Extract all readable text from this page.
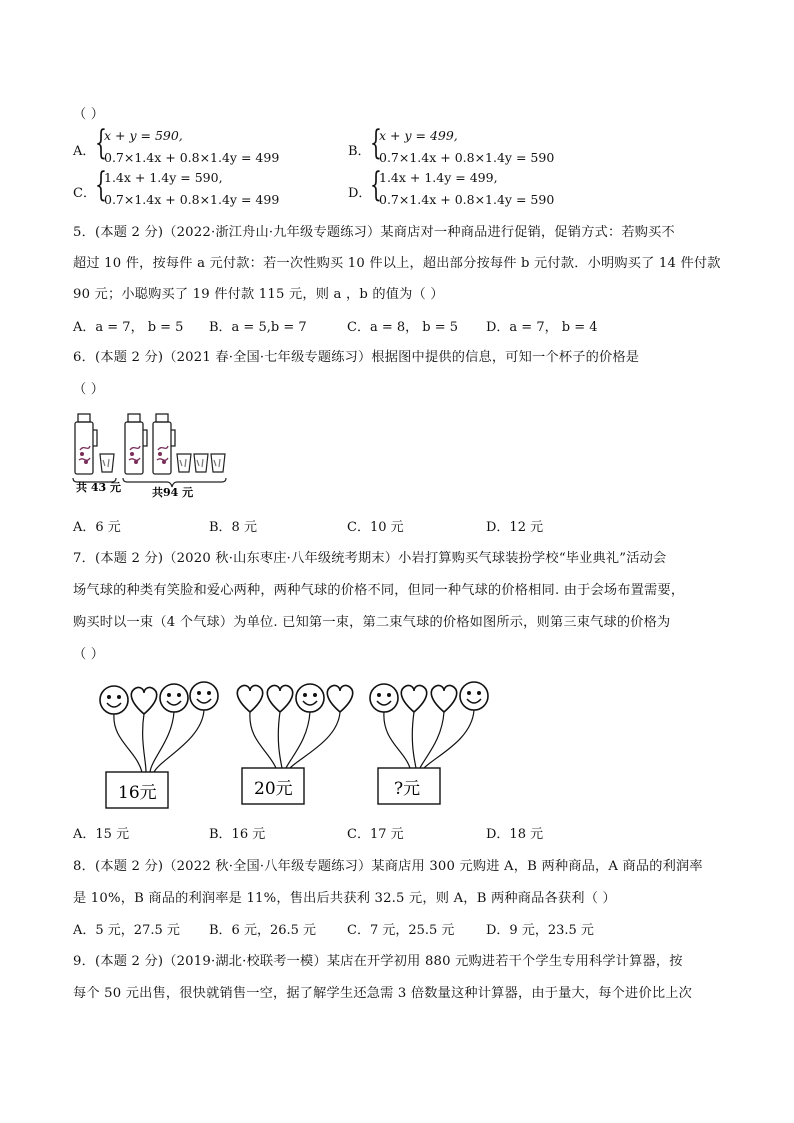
（ ）
A． {
x + y = 590,
0.7×1.4x + 0.8×1.4y = 499	B． {
x + y = 499,
0.7×1.4x + 0.8×1.4y = 590
C． {
1.4x + 1.4y = 590,
0.7×1.4x + 0.8×1.4y = 499	D．
{
1.4x + 1.4y = 499,
0.7×1.4x + 0.8×1.4y = 590
5．(本题 2 分)（2022·浙江舟山·九年级专题练习）某商店对一种商品进行促销，促销方式：若购买不
超过 10 件，按每件 a 元付款：若一次性购买 10 件以上，超出部分按每件 b 元付款．小明购买了 14 件付款
90 元；小聪购买了 19 件付款 115 元，则 a ，b 的值为（ ）
A．a = 7， b = 5 B．a = 5,b = 7	C．a = 8， b = 5 D．a = 7， b = 4
6．(本题 2 分)（2021 春·全国·七年级专题练习）根据图中提供的信息，可知一个杯子的价格是
（ ）
共 43 元	共94 元
A．6 元	B．8 元	C．10 元	D．12 元
7．(本题 2 分)（2020 秋·山东枣庄·八年级统考期末）小岩打算购买气球装扮学校“毕业典礼”活动会
场气球的种类有笑脸和爱心两种，两种气球的价格不同，但同一种气球的价格相同. 由于会场布置需要，
购买时以一束（4 个气球）为单位. 已知第一束，第二束气球的价格如图所示，则第三束气球的价格为
（ ）
16元	20元	?元
A．15 元	B．16 元	C．17 元	D．18 元
8．(本题 2 分)（2022 秋·全国·八年级专题练习）某商店用 300 元购进 A，B 两种商品，A 商品的利润率
是 10%，B 商品的利润率是 11%，售出后共获利 32.5 元，则 A，B 两种商品各获利（ ）
A．5 元，27.5 元 B．6 元，26.5 元 C．7 元，25.5 元 D．9 元，23.5 元
9．(本题 2 分)（2019·湖北·校联考一模）某店在开学初用 880 元购进若干个学生专用科学计算器，按
每个 50 元出售，很快就销售一空，据了解学生还急需 3 倍数量这种计算器，由于量大，每个进价比上次
